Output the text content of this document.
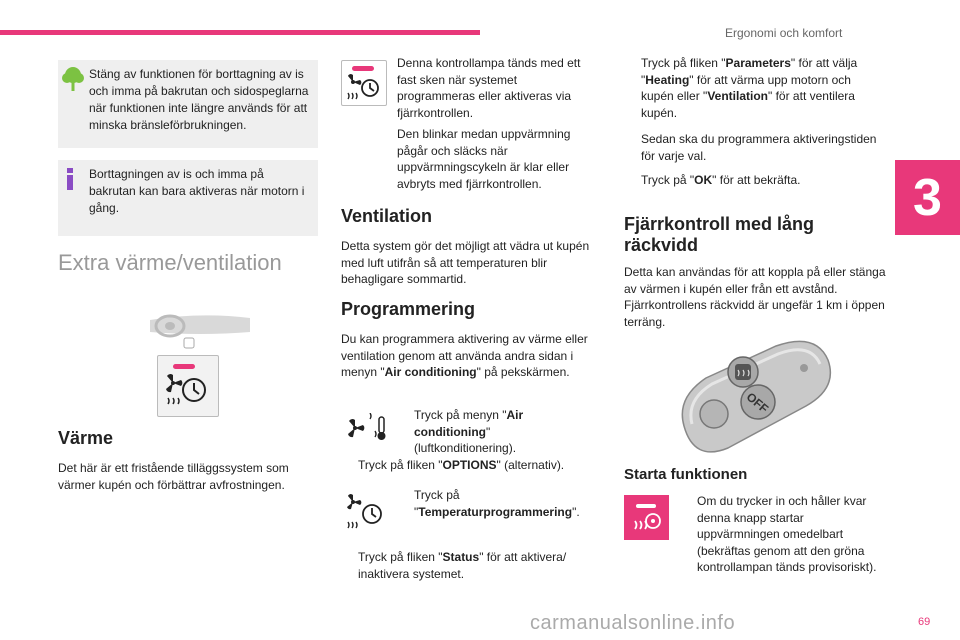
Ergonomi och komfort
3
69
carmanualsonline.info

Stäng av funktionen för borttagning av is och imma på bakrutan och sidospeglarna när funktionen inte längre används för att minska bränsleförbrukningen.

Borttagningen av is och imma på bakrutan kan bara aktiveras när motorn i gång.

Extra värme/ventilation
Värme
Det här är ett fristående tilläggssystem som värmer kupén och förbättrar avfrostningen.
Denna kontrollampa tänds med ett fast sken när systemet programmeras eller aktiveras via fjärrkontrollen.
Den blinkar medan uppvärmning pågår och släcks när uppvärmningscykeln är klar eller avbryts med fjärrkontrollen.
Ventilation
Detta system gör det möjligt att vädra ut kupén med luft utifrån så att temperaturen blir behagligare sommartid.
Programmering
Du kan programmera aktivering av värme eller ventilation genom att använda andra sidan i menyn "Air conditioning" på pekskärmen.
Tryck på menyn "Air conditioning" (luftkonditionering).
Tryck på fliken "OPTIONS" (alternativ).
Tryck på "Temperaturprogrammering".
Tryck på fliken "Status" för att aktivera/ inaktivera systemet.
Tryck på fliken "Parameters" för att välja "Heating" för att värma upp motorn och kupén eller "Ventilation" för att ventilera kupén.
Sedan ska du programmera aktiveringstiden för varje val.
Tryck på "OK" för att bekräfta.
Fjärrkontroll med lång räckvidd
Detta kan användas för att koppla på eller stänga av värmen i kupén eller från ett avstånd. Fjärrkontrollens räckvidd är ungefär 1 km i öppen terräng.
OFF
Starta funktionen
Om du trycker in och håller kvar denna knapp startar uppvärmningen omedelbart (bekräftas genom att den gröna kontrollampan tänds provisoriskt).
